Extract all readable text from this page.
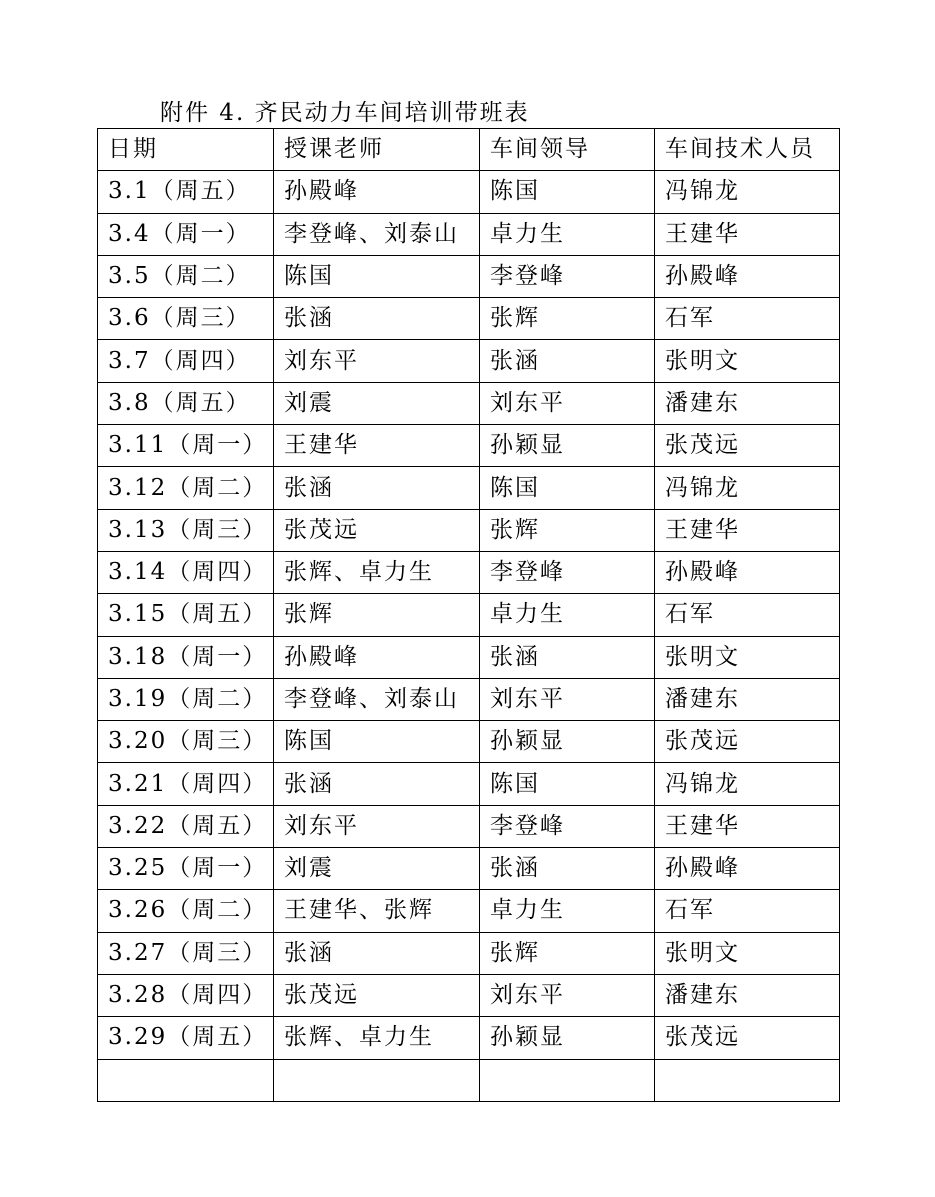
附件 4. 齐民动力车间培训带班表
日期	授课老师	车间领导	车间技术人员
3.1（周五）	孙殿峰	陈国	冯锦龙
3.4（周一）	李登峰、刘泰山	卓力生	王建华
3.5（周二）	陈国	李登峰	孙殿峰
3.6（周三）	张涵	张辉	石军
3.7（周四）	刘东平	张涵	张明文
3.8（周五）	刘震	刘东平	潘建东
3.11（周一）	王建华	孙颖显	张茂远
3.12（周二）	张涵	陈国	冯锦龙
3.13（周三）	张茂远	张辉	王建华
3.14（周四）	张辉、卓力生	李登峰	孙殿峰
3.15（周五）	张辉	卓力生	石军
3.18（周一）	孙殿峰	张涵	张明文
3.19（周二）	李登峰、刘泰山	刘东平	潘建东
3.20（周三）	陈国	孙颖显	张茂远
3.21（周四）	张涵	陈国	冯锦龙
3.22（周五）	刘东平	李登峰	王建华
3.25（周一）	刘震	张涵	孙殿峰
3.26（周二）	王建华、张辉	卓力生	石军
3.27（周三）	张涵	张辉	张明文
3.28（周四）	张茂远	刘东平	潘建东
3.29（周五）	张辉、卓力生	孙颖显	张茂远
